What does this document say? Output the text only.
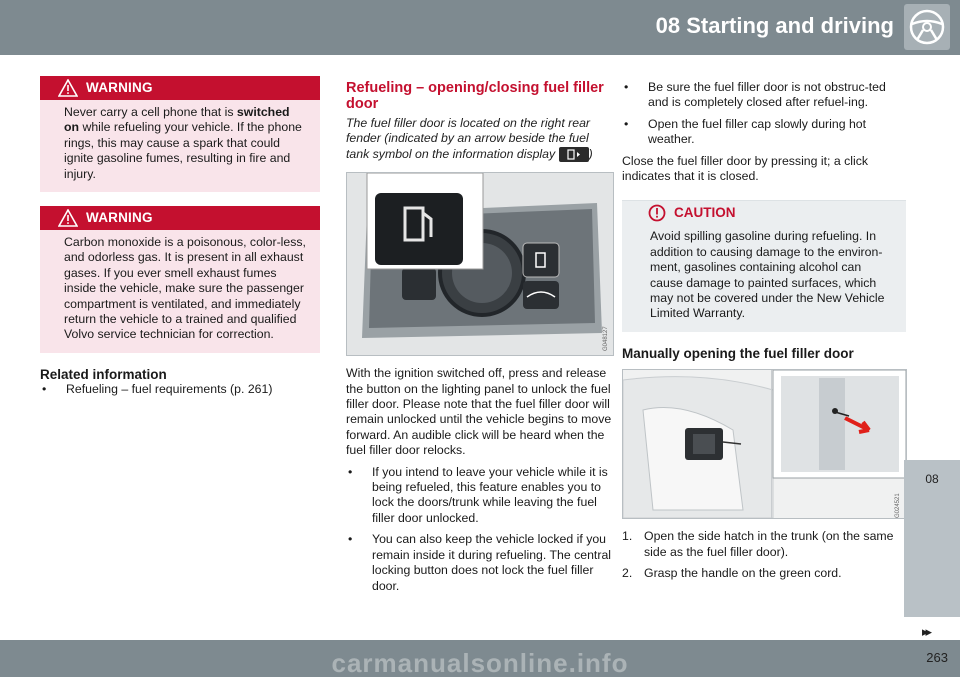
08 Starting and driving
WARNING
Never carry a cell phone that is switched on while refueling your vehicle. If the phone rings, this may cause a spark that could ignite gasoline fumes, resulting in fire and injury.
WARNING
Carbon monoxide is a poisonous, color-less, and odorless gas. It is present in all exhaust gases. If you ever smell exhaust fumes inside the vehicle, make sure the passenger compartment is ventilated, and immediately return the vehicle to a trained and qualified Volvo service technician for correction.
Related information
•	Refueling – fuel requirements (p. 261)
Refueling – opening/closing fuel filler door

The fuel filler door is located on the right rear fender (indicated by an arrow beside the fuel tank symbol on the information display	)

G048127

With the ignition switched off, press and release the button on the lighting panel to unlock the fuel filler door. Please note that the fuel filler door will remain unlocked until the vehicle begins to move forward. An audible click will be heard when the fuel filler door relocks.

•	If you intend to leave your vehicle while it is being refueled, this feature enables you to lock the doors/trunk while leaving the fuel filler door unlocked.
•	You can also keep the vehicle locked if you remain inside it during refueling. The central locking button does not lock the fuel filler door.
•	Be sure the fuel filler door is not obstruc-ted and is completely closed after refuel-ing.
•	Open the fuel filler cap slowly during hot weather.

Close the fuel filler door by pressing it; a click indicates that it is closed.

CAUTION
Avoid spilling gasoline during refueling. In addition to causing damage to the environ-ment, gasolines containing alcohol can cause damage to painted surfaces, which may not be covered under the New Vehicle Limited Warranty.
Manually opening the fuel filler door
G024521
1. Open the side hatch in the trunk (on the same side as the fuel filler door).
2. Grasp the handle on the green cord.
08
▸▸
carmanualsonline.info	263
